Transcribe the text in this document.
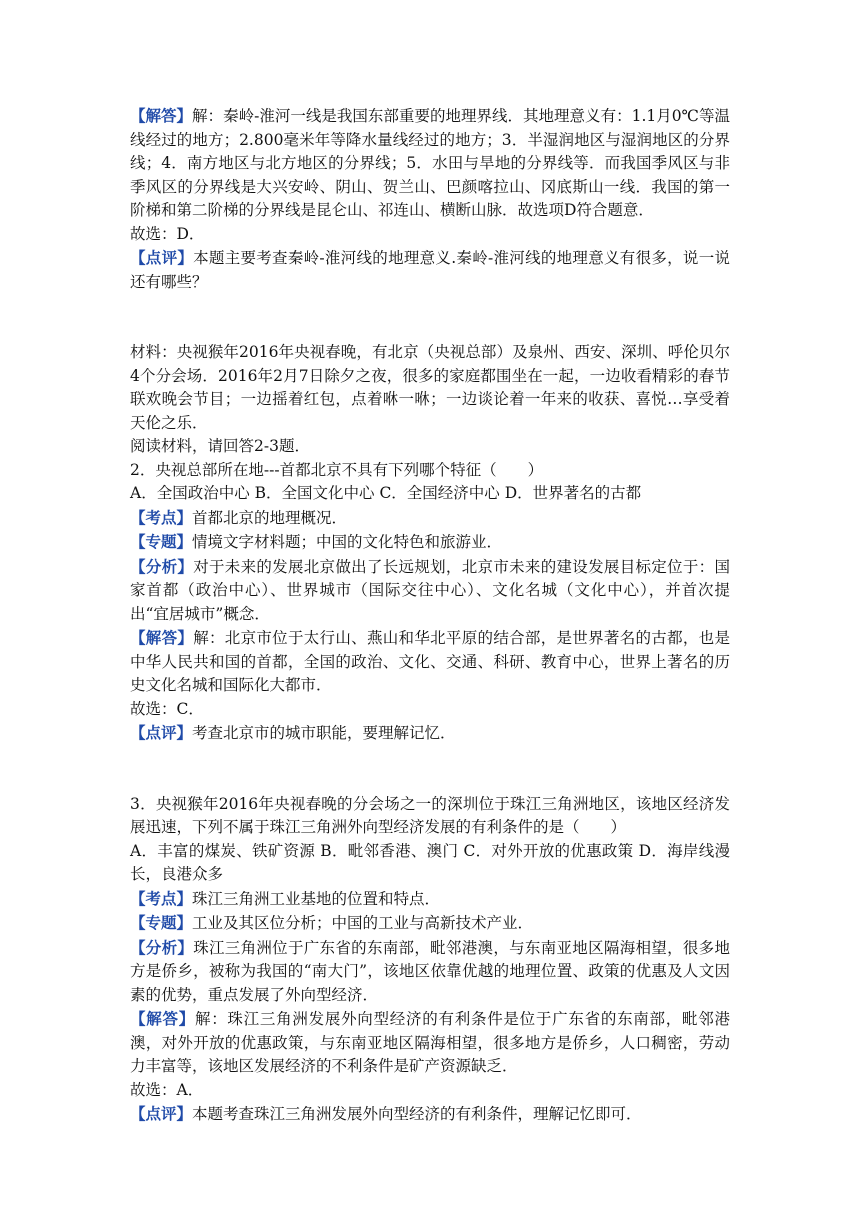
【解答】解：秦岭-淮河一线是我国东部重要的地理界线．其地理意义有：1.1月0℃等温线经过的地方；2.800毫米年等降水量线经过的地方；3．半湿润地区与湿润地区的分界线；4．南方地区与北方地区的分界线；5．水田与旱地的分界线等．而我国季风区与非季风区的分界线是大兴安岭、阴山、贺兰山、巴颜喀拉山、冈底斯山一线．我国的第一阶梯和第二阶梯的分界线是昆仑山、祁连山、横断山脉．故选项D符合题意．

故选：D．

【点评】本题主要考查秦岭-淮河线的地理意义.秦岭-淮河线的地理意义有很多，说一说还有哪些？

材料：央视猴年2016年央视春晚，有北京（央视总部）及泉州、西安、深圳、呼伦贝尔4个分会场．2016年2月7日除夕之夜，很多的家庭都围坐在一起，一边收看精彩的春节联欢晚会节目；一边摇着红包，点着咻一咻；一边谈论着一年来的收获、喜悦…享受着天伦之乐．

阅读材料，请回答2-3题．

2．央视总部所在地---首都北京不具有下列哪个特征（　　）

A．全国政治中心 B．全国文化中心 C．全国经济中心 D．世界著名的古都

【考点】首都北京的地理概况．

【专题】情境文字材料题；中国的文化特色和旅游业．

【分析】对于未来的发展北京做出了长远规划，北京市未来的建设发展目标定位于：国家首都（政治中心）、世界城市（国际交往中心）、文化名城（文化中心），并首次提出“宜居城市”概念．

【解答】解：北京市位于太行山、燕山和华北平原的结合部，是世界著名的古都，也是中华人民共和国的首都，全国的政治、文化、交通、科研、教育中心，世界上著名的历史文化名城和国际化大都市．

故选：C．

【点评】考查北京市的城市职能，要理解记忆．

3．央视猴年2016年央视春晚的分会场之一的深圳位于珠江三角洲地区，该地区经济发展迅速，下列不属于珠江三角洲外向型经济发展的有利条件的是（　　）

A．丰富的煤炭、铁矿资源 B．毗邻香港、澳门 C．对外开放的优惠政策 D．海岸线漫长，良港众多

【考点】珠江三角洲工业基地的位置和特点．

【专题】工业及其区位分析；中国的工业与高新技术产业．

【分析】珠江三角洲位于广东省的东南部，毗邻港澳，与东南亚地区隔海相望，很多地方是侨乡，被称为我国的“南大门”，该地区依靠优越的地理位置、政策的优惠及人文因素的优势，重点发展了外向型经济．

【解答】解：珠江三角洲发展外向型经济的有利条件是位于广东省的东南部，毗邻港澳，对外开放的优惠政策，与东南亚地区隔海相望，很多地方是侨乡，人口稠密，劳动力丰富等，该地区发展经济的不利条件是矿产资源缺乏．

故选：A．

【点评】本题考查珠江三角洲发展外向型经济的有利条件，理解记忆即可．
